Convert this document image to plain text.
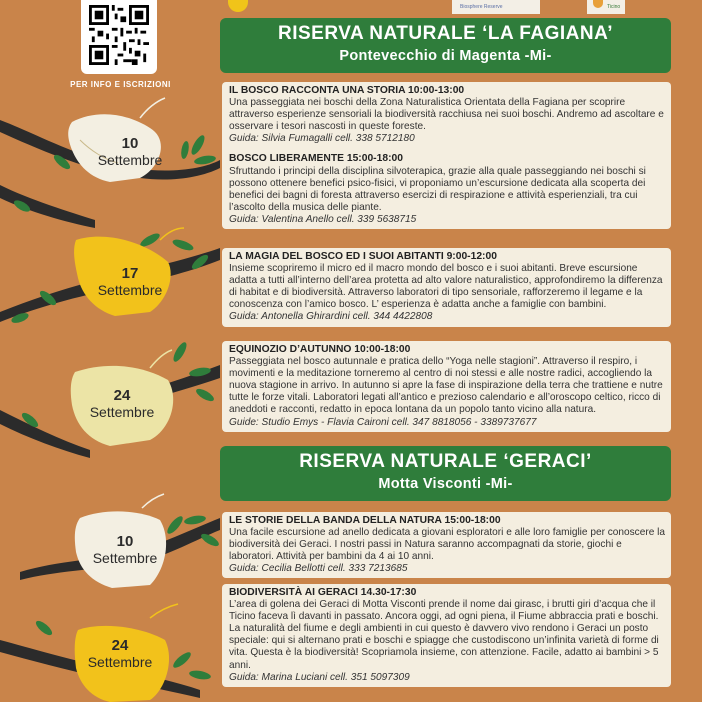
Biosphere Reserve	Ticino
PER INFO E ISCRIZIONI
10
Settembre
17
Settembre
24
Settembre
10
Settembre
24
Settembre
RISERVA NATURALE ‘LA FAGIANA’
Pontevecchio di Magenta -Mi-
IL BOSCO RACCONTA UNA STORIA 10:00-13:00
Una passeggiata nei boschi della Zona Naturalistica Orientata della Fagiana per scoprire attraverso esperienze sensoriali la biodiversità racchiusa nei suoi boschi. Andremo ad ascoltare e osservare i tesori nascosti in queste foreste.
Guida: Silvia Fumagalli cell. 338 5712180
BOSCO LIBERAMENTE 15:00-18:00
Sfruttando i principi della disciplina silvoterapica, grazie alla quale passeggiando nei boschi si possono ottenere benefici psico-fisici, vi proponiamo un’escursione dedicata alla scoperta dei benefici dei bagni di foresta attraverso esercizi di respirazione e attività esperienziali, tra cui l’ascolto della musica delle piante.
Guida: Valentina Anello cell. 339 5638715
LA MAGIA DEL BOSCO ED I SUOI ABITANTI 9:00-12:00
Insieme scopriremo il micro ed il macro mondo del bosco e i suoi abitanti. Breve escursione adatta a tutti all’interno dell’area protetta ad alto valore naturalistico, approfondiremo la differenza di habitat e di biodiversità. Attraverso laboratori di tipo sensoriale, rafforzeremo il legame e la conoscenza con l’amico bosco. L’ esperienza è adatta anche a famiglie con bambini.
Guida: Antonella Ghirardini cell. 344 4422808
EQUINOZIO D’AUTUNNO 10:00-18:00
Passeggiata nel bosco autunnale e pratica dello “Yoga nelle stagioni”. Attraverso il respiro, i movimenti e la meditazione torneremo al centro di noi stessi e alle nostre radici, accogliendo la nuova stagione in arrivo. In autunno si apre la fase di inspirazione della terra che trattiene e nutre tutte le forze vitali. Laboratori legati all’antico e prezioso calendario e all’oroscopo celtico, ricco di aneddoti e racconti, redatto in epoca lontana da un popolo tanto vicino alla natura.
Guide: Studio Emys - Flavia Caironi cell. 347 8818056 - 3389737677
RISERVA NATURALE ‘GERACI’
Motta Visconti -Mi-
LE STORIE DELLA BANDA DELLA NATURA 15:00-18:00
Una facile escursione ad anello dedicata a giovani esploratori e alle loro famiglie per conoscere la biodiversità dei Geraci. I nostri passi in Natura saranno accompagnati da storie, giochi e laboratori. Attività per bambini da 4 ai 10 anni.
Guida: Cecilia Bellotti cell. 333 7213685
BIODIVERSITÀ AI GERACI 14.30-17:30
L’area di golena dei Geraci di Motta Visconti prende il nome dai girasc, i brutti giri d’acqua che il Ticino faceva lì davanti in passato. Ancora oggi, ad ogni piena, il Fiume abbraccia prati e boschi. La naturalità del fiume e degli ambienti in cui questo è davvero vivo rendono i Geraci un posto speciale: qui si alternano prati e boschi e spiagge che custodiscono un’infinita varietà di forme di vita. Questa è la biodiversità! Scopriamola insieme, con attenzione. Facile, adatto ai bambini > 5 anni.
Guida: Marina Luciani cell. 351 5097309
